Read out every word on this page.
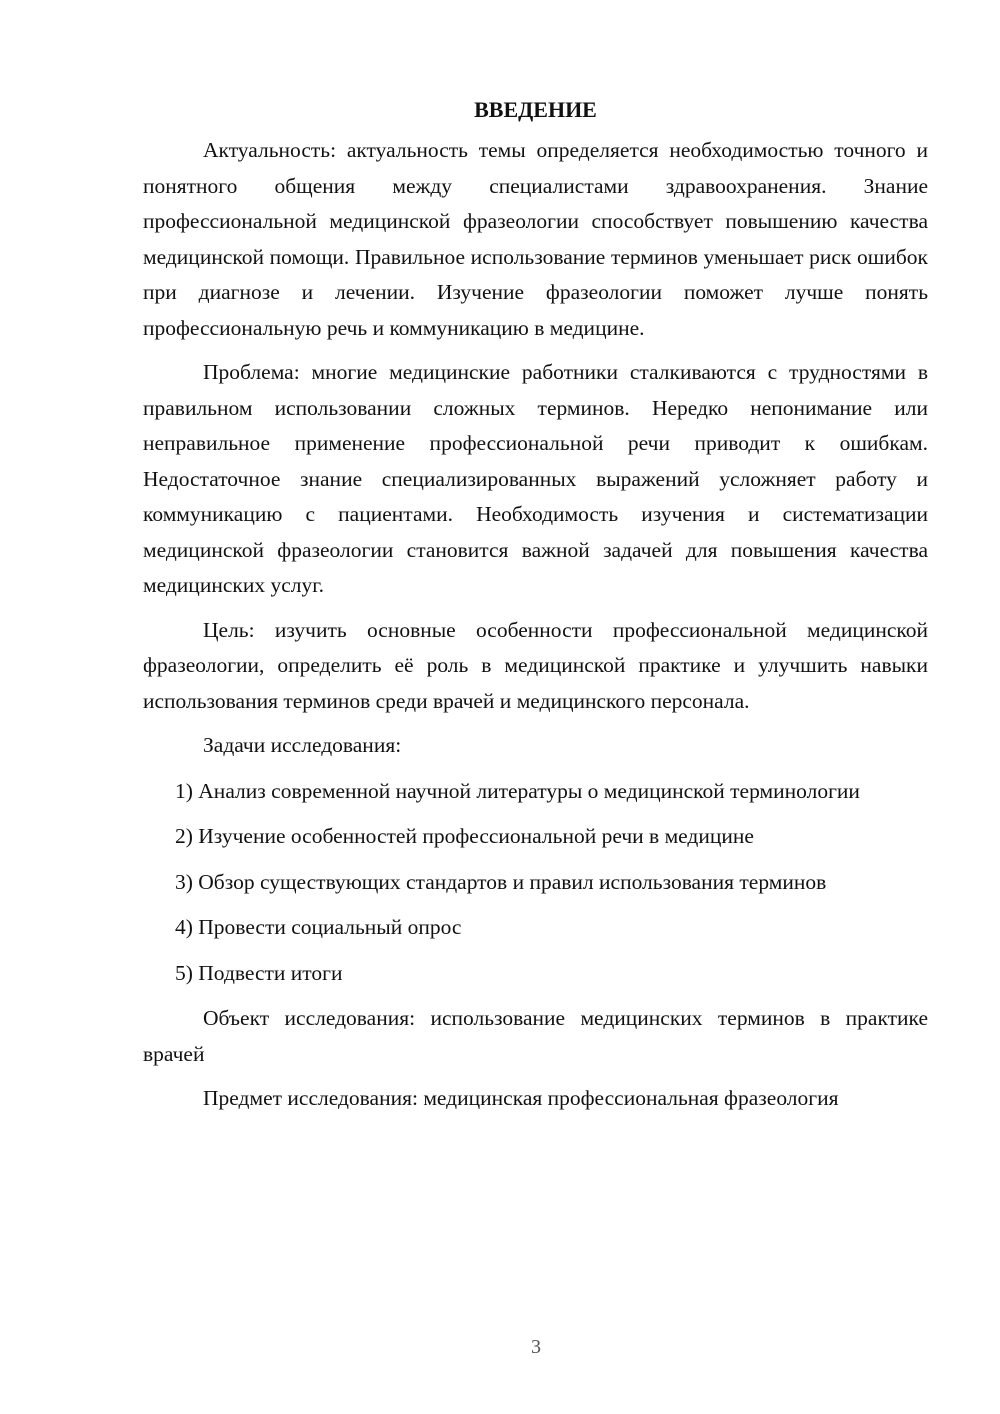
ВВЕДЕНИЕ

Актуальность: актуальность темы определяется необходимостью точного и понятного общения между специалистами здравоохранения. Знание профессиональной медицинской фразеологии способствует повышению качества медицинской помощи. Правильное использование терминов уменьшает риск ошибок при диагнозе и лечении. Изучение фразеологии поможет лучше понять профессиональную речь и коммуникацию в медицине.

Проблема: многие медицинские работники сталкиваются с трудностями в правильном использовании сложных терминов. Нередко непонимание или неправильное применение профессиональной речи приводит к ошибкам. Недостаточное знание специализированных выражений усложняет работу и коммуникацию с пациентами. Необходимость изучения и систематизации медицинской фразеологии становится важной задачей для повышения качества медицинских услуг.

Цель: изучить основные особенности профессиональной медицинской фразеологии, определить её роль в медицинской практике и улучшить навыки использования терминов среди врачей и медицинского персонала.

Задачи исследования:

1) Анализ современной научной литературы о медицинской терминологии
2) Изучение особенностей профессиональной речи в медицине
3) Обзор существующих стандартов и правил использования терминов
4) Провести социальный опрос
5) Подвести итоги

Объект исследования: использование медицинских терминов в практике врачей

Предмет исследования: медицинская профессиональная фразеология

3
